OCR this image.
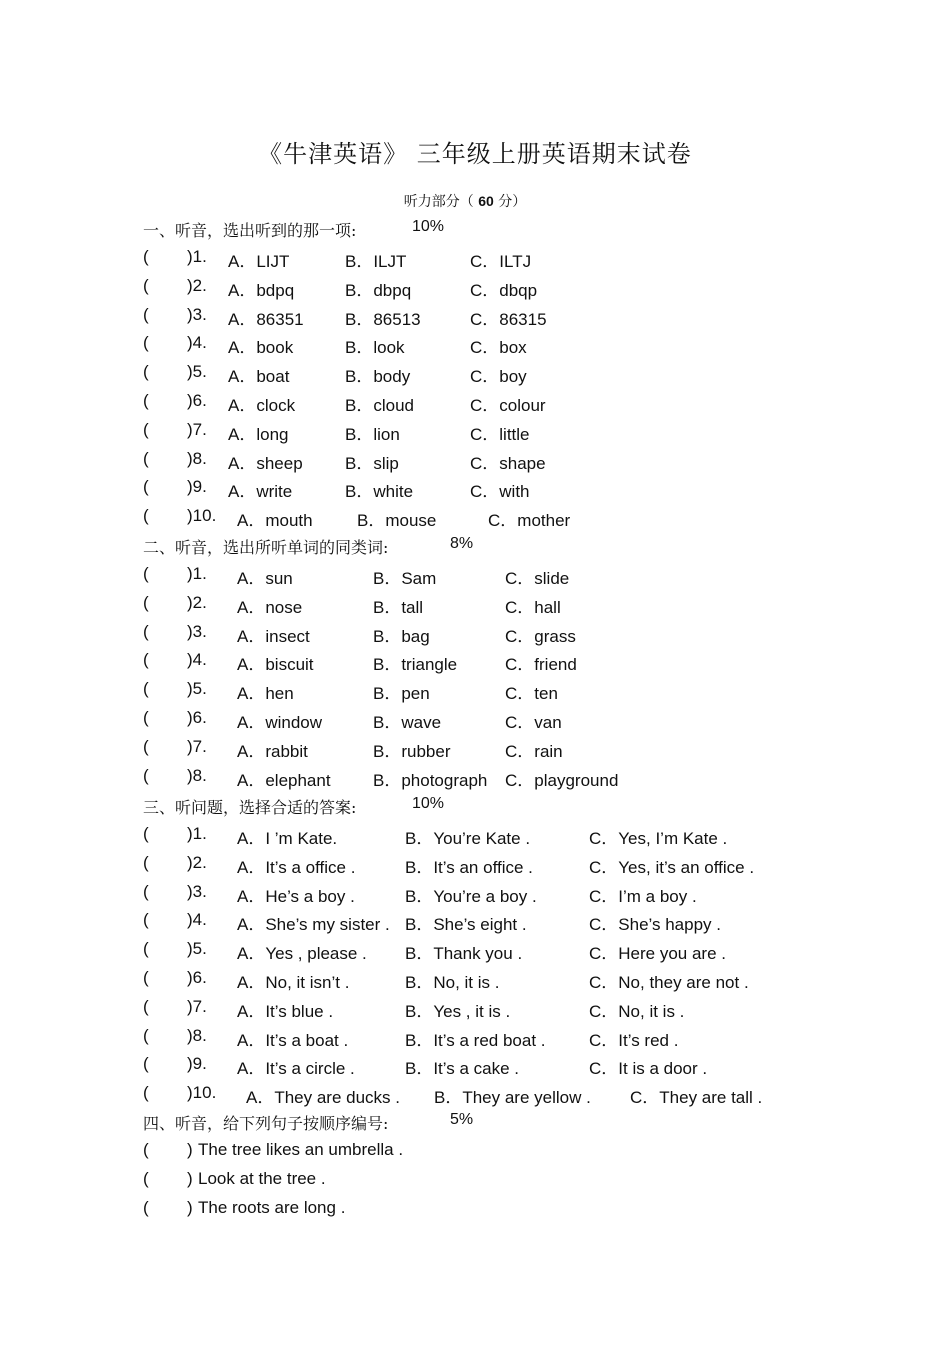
《牛津英语》 三年级上册英语期末试卷
听力部分（ 60 分）
一、听音，选出听到的那一项:	10%
( )1. A．LIJT	B．ILJT	C．ILTJ
( )2. A．bdpq	B．dbpq	C．dbqp
( )3. A．86351 B．86513	C．86315
( )4. A．book	B．look	C．box
( )5. A．boat	B．body	C．boy
( )6. A．clock	B．cloud	C．colour
( )7. A．long	B．lion	C．little
( )8. A．sheep B．slip	C．shape
( )9. A．write	B．white	C．with
( )10. A．mouth	B．mouse	C．mother
二、听音，选出所听单词的同类词:	8%
( )1. A．sun	B．Sam	C．slide
( )2. A．nose	B．tall	C．hall
( )3. A．insect	B．bag	C．grass
( )4. A．biscuit	B．triangle	C．friend
( )5. A．hen	B．pen	C．ten
( )6. A．window	B．wave	C．van
( )7. A．rabbit	B．rubber	C．rain
( )8. A．elephant B．photograph C．playground
三、听问题，选择合适的答案:	10%
( )1. A．I ’m Kate.	B．You’re Kate .	C．Yes, I’m Kate .
( )2. A．It’s a office .	B．It’s an office .	C．Yes, it’s an office .
( )3. A．He’s a boy .	B．You’re a boy .	C．I’m a boy .
( )4. A．She’s my sister . B．She’s eight .	C．She’s happy .
( )5. A．Yes , please . B．Thank you .	C．Here you are .
( )6. A．No, it isn’t .	B．No, it is .	C．No, they are not .
( )7. A．It’s blue .	B．Yes , it is .	C．No, it is .
( )8. A．It’s a boat .	B．It’s a red boat .	C．It’s red .
( )9. A．It’s a circle .	B．It’s a cake .	C．It is a door .
( )10. A．They are ducks . B．They are yellow . C．They are tall .
四、听音，给下列句子按顺序编号:	5%
( ) The tree likes an umbrella .
( ) Look at the tree .
( ) The roots are long .
